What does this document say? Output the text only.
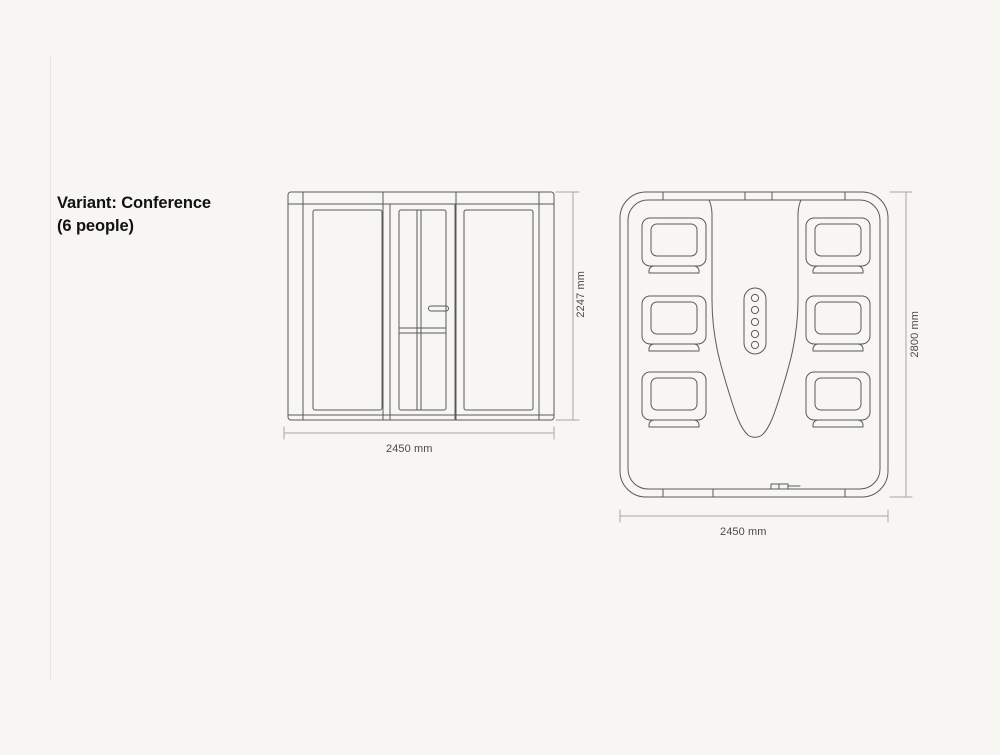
Variant: Conference
(6 people)
2450 mm
2247 mm
2450 mm
2800 mm
